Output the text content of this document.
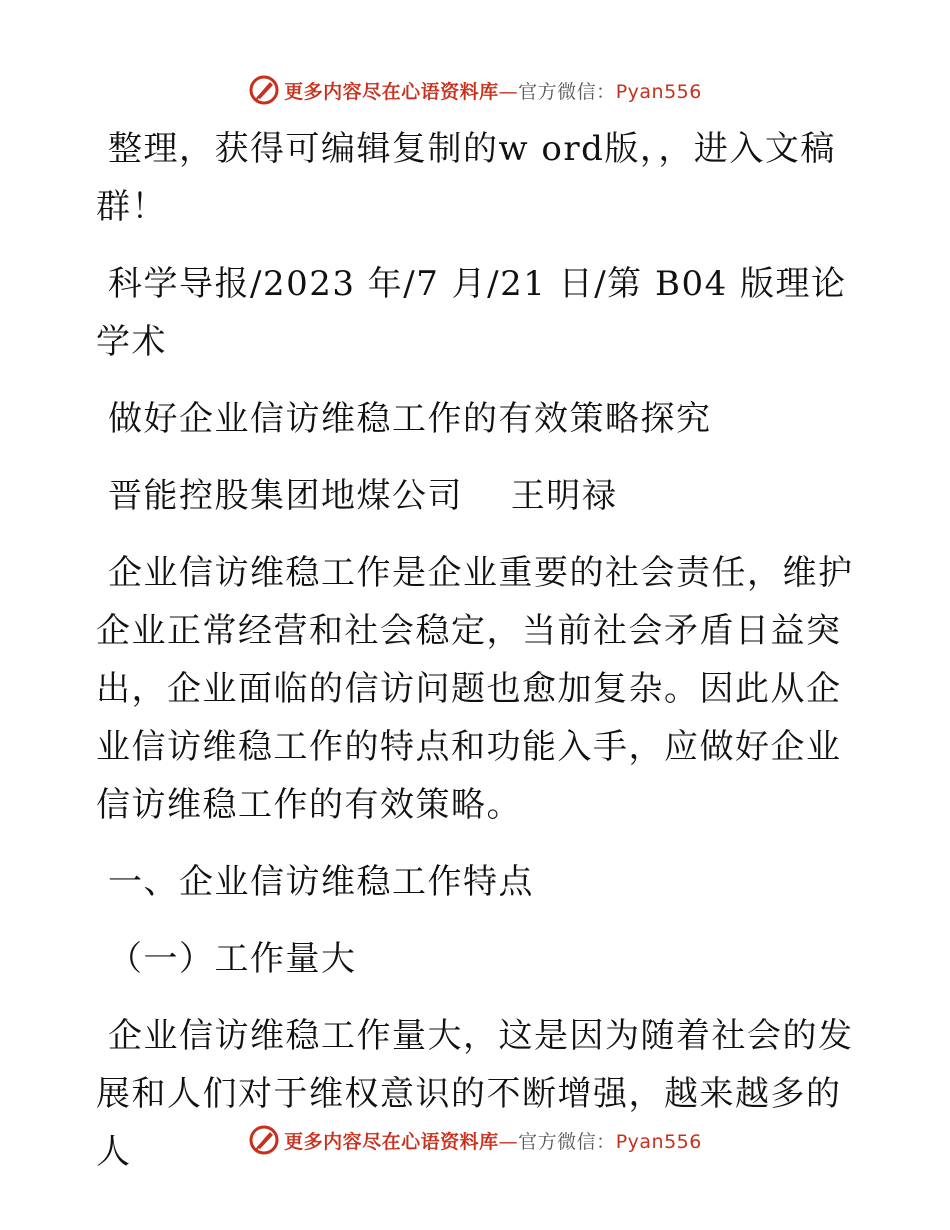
更多内容尽在心语资料库—官方微信：Pyan556

整理，获得可编辑复制的w ord版，，进入文稿群！

科学导报/2023 年/7 月/21 日/第 B04 版理论学术

做好企业信访维稳工作的有效策略探究

晋能控股集团地煤公司　 王明禄

企业信访维稳工作是企业重要的社会责任，维护企业正常经营和社会稳定，当前社会矛盾日益突出，企业面临的信访问题也愈加复杂。因此从企业信访维稳工作的特点和功能入手，应做好企业信访维稳工作的有效策略。

一、企业信访维稳工作特点

（一）工作量大

企业信访维稳工作量大，这是因为随着社会的发展和人们对于维权意识的不断增强，越来越多的人	更多内容尽在心语资料库—官方微信：Pyan556
